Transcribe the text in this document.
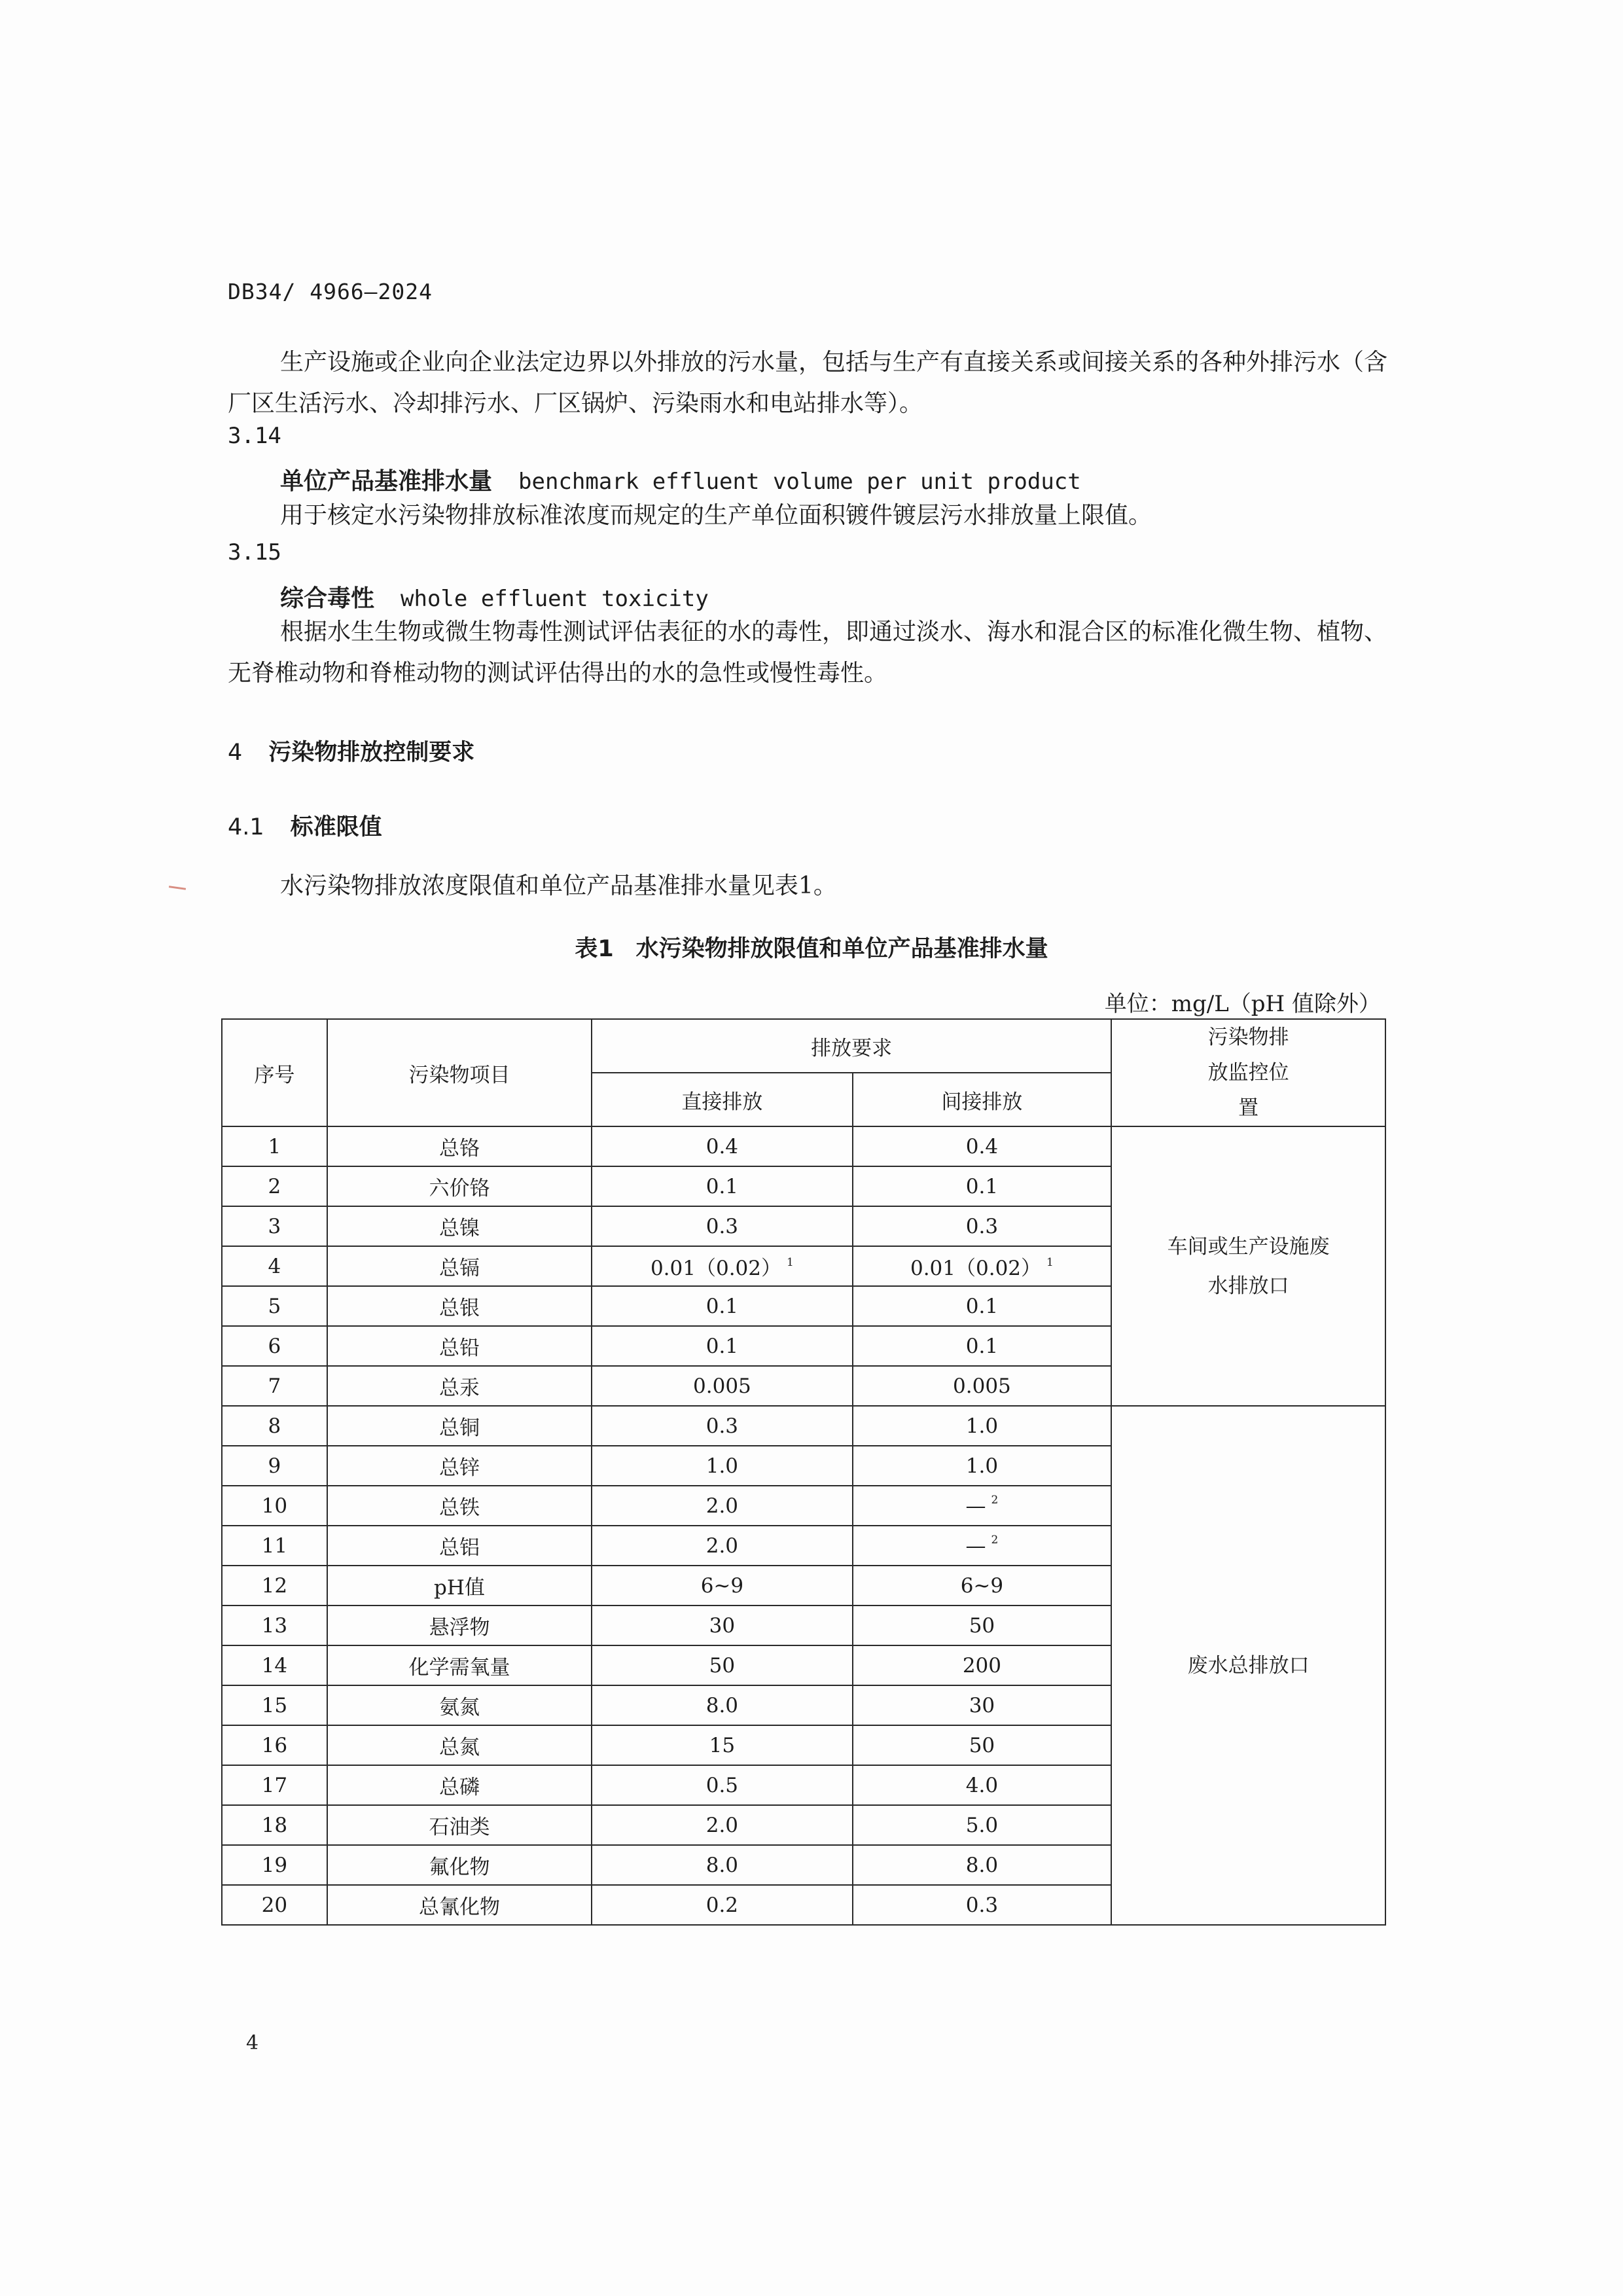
DB34/ 4966—2024
生产设施或企业向企业法定边界以外排放的污水量，包括与生产有直接关系或间接关系的各种外排污水（含厂区生活污水、冷却排污水、厂区锅炉、污染雨水和电站排水等）。
3.14
单位产品基准排水量 benchmark effluent volume per unit product
用于核定水污染物排放标准浓度而规定的生产单位面积镀件镀层污水排放量上限值。
3.15
综合毒性 whole effluent toxicity
根据水生生物或微生物毒性测试评估表征的水的毒性，即通过淡水、海水和混合区的标准化微生物、植物、无脊椎动物和脊椎动物的测试评估得出的水的急性或慢性毒性。
4 污染物排放控制要求
4.1 标准限值
水污染物排放浓度限值和单位产品基准排水量见表1。
表1 水污染物排放限值和单位产品基准排水量
单位：mg/L（pH 值除外）
序号	污染物项目	排放要求		污染物排放监控位置

		直接排放	间接排放	
1	总铬	0.4	0.4	车间或生产设施废水排放口

2	六价铬	0.1	0.1	
3	总镍	0.3	0.3	
4	总镉	0.01（0.02） $^1$	0.01（0.02） $^1$
5	总银	0.1	0.1	
6	总铅	0.1	0.1	
7	总汞	0.005	0.005	
8	总铜	0.3	1.0	废水总排放口

9	总锌	1.0	1.0	
10	总铁	2.0	— $^2$
11	总铝	2.0	— $^2$
12	pH值	6~9	6~9	
13	悬浮物	30	50	
14	化学需氧量	50	200	
15	氨氮	8.0	30	
16	总氮	15	50	
17	总磷	0.5	4.0	
18	石油类	2.0	5.0	
19	氟化物	8.0	8.0	
20	总氰化物	0.2	0.3	
4
